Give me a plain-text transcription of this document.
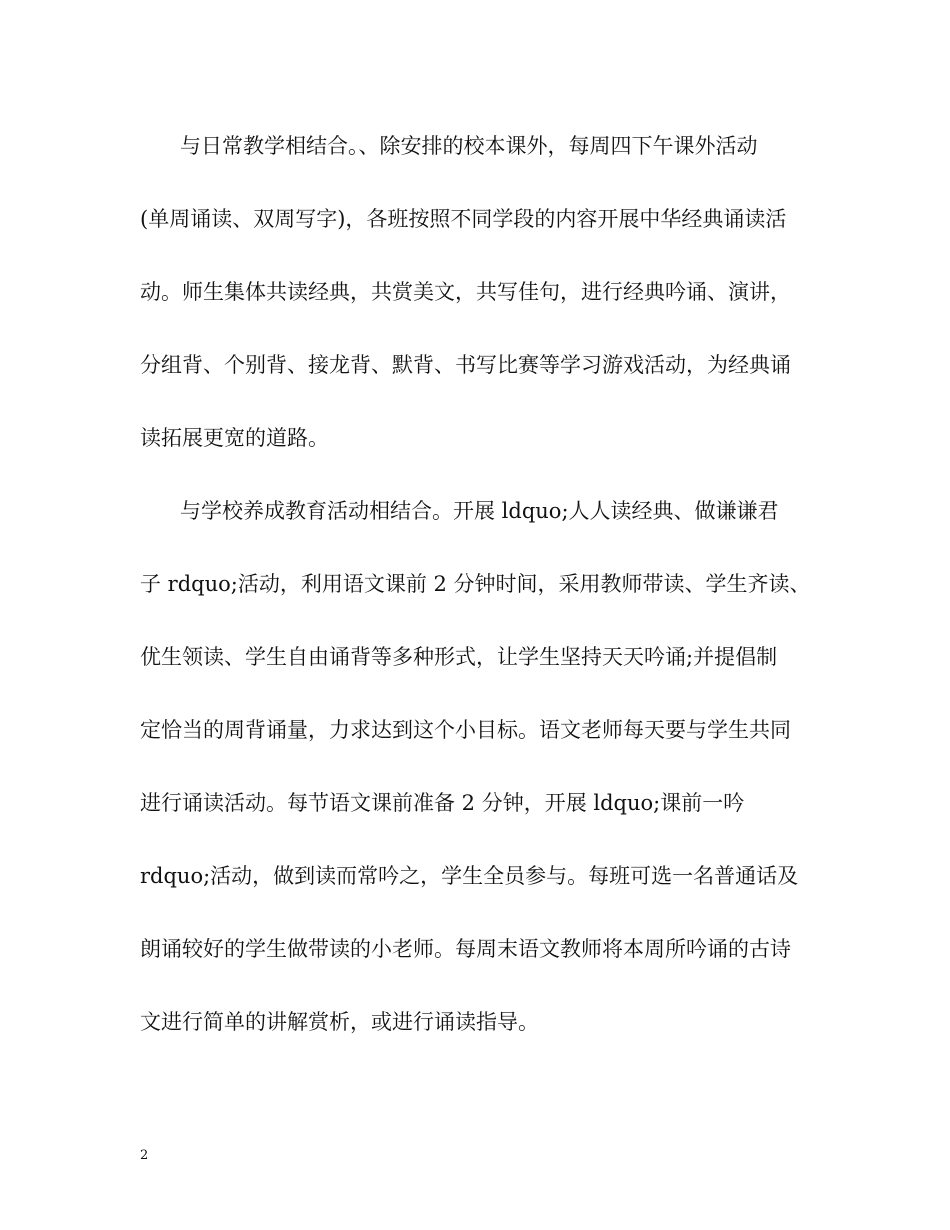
与日常教学相结合。、除安排的校本课外，每周四下午课外活动
(单周诵读、双周写字)，各班按照不同学段的内容开展中华经典诵读活
动。师生集体共读经典，共赏美文，共写佳句，进行经典吟诵、演讲，
分组背、个别背、接龙背、默背、书写比赛等学习游戏活动，为经典诵
读拓展更宽的道路。
与学校养成教育活动相结合。开展 ldquo;人人读经典、做谦谦君
子 rdquo;活动，利用语文课前 2 分钟时间，采用教师带读、学生齐读、
优生领读、学生自由诵背等多种形式，让学生坚持天天吟诵;并提倡制
定恰当的周背诵量，力求达到这个小目标。语文老师每天要与学生共同
进行诵读活动。每节语文课前准备 2 分钟，开展 ldquo;课前一吟
rdquo;活动，做到读而常吟之，学生全员参与。每班可选一名普通话及
朗诵较好的学生做带读的小老师。每周末语文教师将本周所吟诵的古诗
文进行简单的讲解赏析，或进行诵读指导。
2
